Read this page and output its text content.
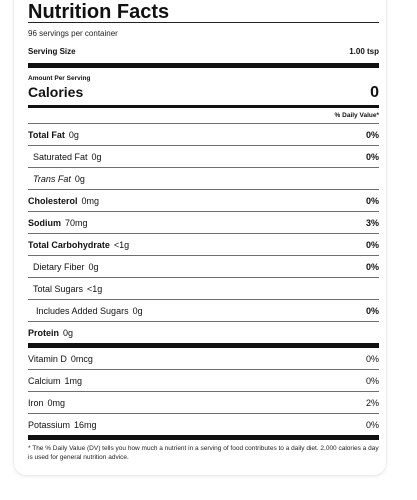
Nutrition Facts
96 servings per container
Serving Size	1.00 tsp
Amount Per Serving
Calories	0
% Daily Value*
Total Fat 0g	0%
Saturated Fat 0g	0%
Trans Fat 0g
Cholesterol 0mg	0%
Sodium 70mg	3%
Total Carbohydrate <1g	0%
Dietary Fiber 0g	0%
Total Sugars <1g
Includes Added Sugars 0g	0%
Protein 0g
Vitamin D 0mcg	0%
Calcium 1mg	0%
Iron 0mg	2%
Potassium 16mg	0%
* The % Daily Value (DV) tells you how much a nutrient in a serving of food contributes to a daily diet. 2,000 calories a day is used for general nutrition advice.
